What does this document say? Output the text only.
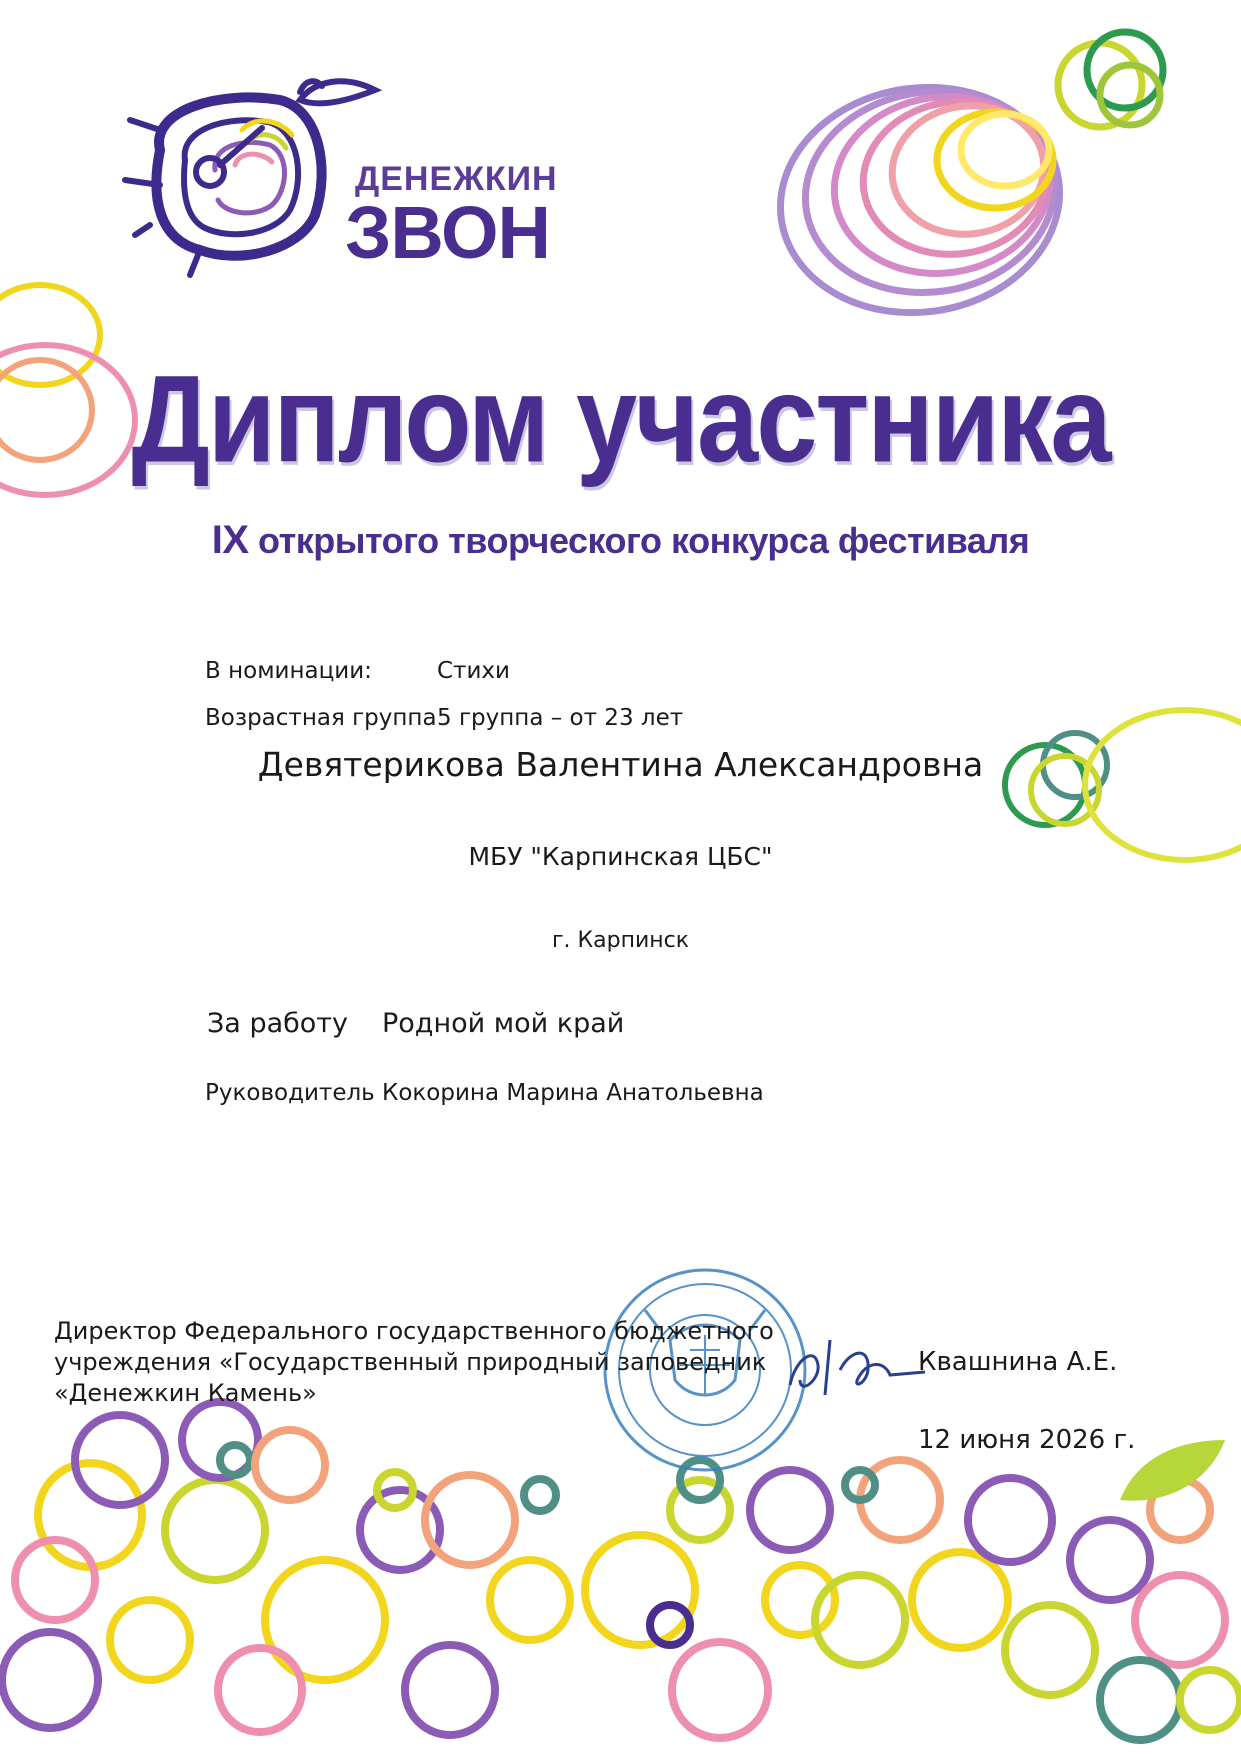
ДЕНЕЖКИН
ЗВОН
Диплом участника
IX открытого творческого конкурса фестиваля
В номинации:	Стихи
Возрастная группа 5 группа – от 23 лет
Девятерикова Валентина Александровна
МБУ "Карпинская ЦБС"
г. Карпинск
За работу Родной мой край
Руководитель Кокорина Марина Анатольевна
Директор Федерального государственного бюджетного
учреждения «Государственный природный заповедник
«Денежкин Камень»
Квашнина А.Е.
12 июня 2026 г.
